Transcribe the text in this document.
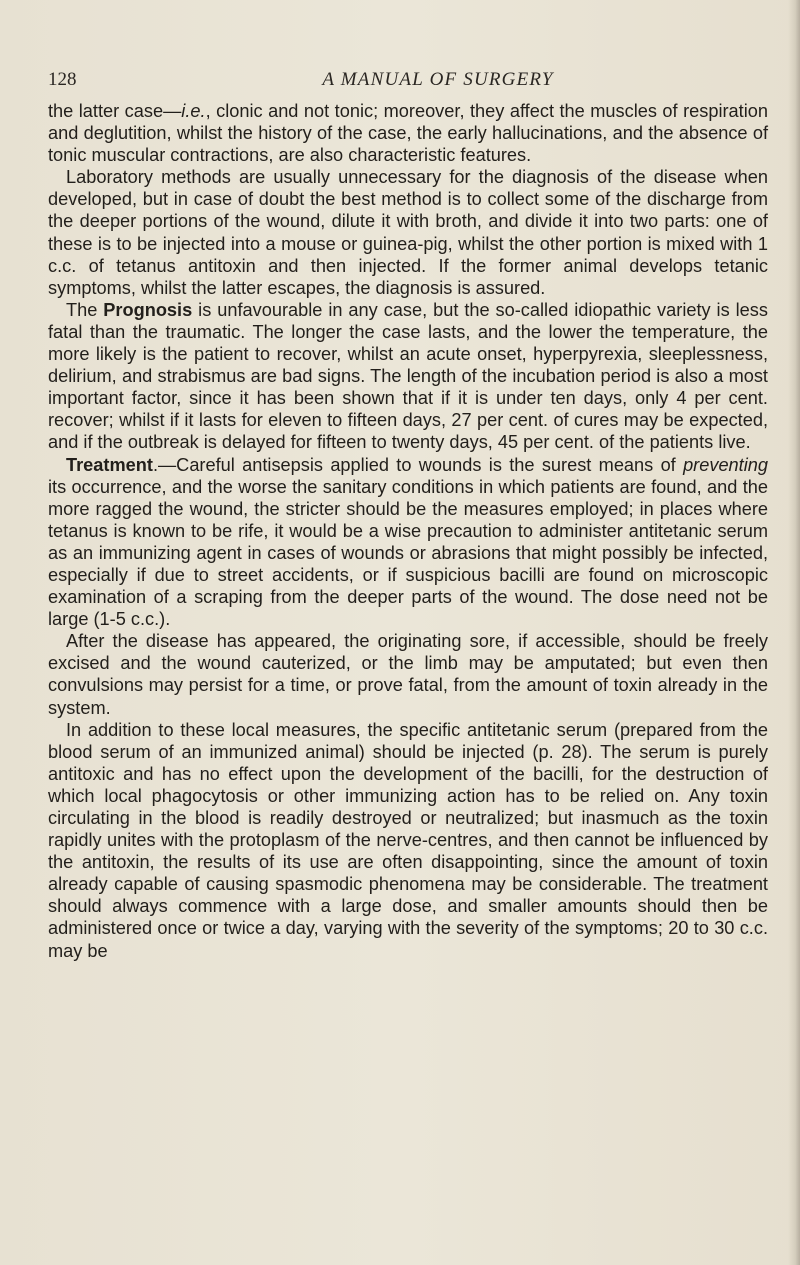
128	A MANUAL OF SURGERY

the latter case—i.e., clonic and not tonic; moreover, they affect the muscles of respiration and deglutition, whilst the history of the case, the early hallucinations, and the absence of tonic muscular contractions, are also characteristic features.

Laboratory methods are usually unnecessary for the diagnosis of the disease when developed, but in case of doubt the best method is to collect some of the discharge from the deeper portions of the wound, dilute it with broth, and divide it into two parts: one of these is to be injected into a mouse or guinea-pig, whilst the other portion is mixed with 1 c.c. of tetanus antitoxin and then injected. If the former animal develops tetanic symptoms, whilst the latter escapes, the diagnosis is assured.

The Prognosis is unfavourable in any case, but the so-called idiopathic variety is less fatal than the traumatic. The longer the case lasts, and the lower the temperature, the more likely is the patient to recover, whilst an acute onset, hyperpyrexia, sleeplessness, delirium, and strabismus are bad signs. The length of the incubation period is also a most important factor, since it has been shown that if it is under ten days, only 4 per cent. recover; whilst if it lasts for eleven to fifteen days, 27 per cent. of cures may be expected, and if the outbreak is delayed for fifteen to twenty days, 45 per cent. of the patients live.

Treatment.—Careful antisepsis applied to wounds is the surest means of preventing its occurrence, and the worse the sanitary conditions in which patients are found, and the more ragged the wound, the stricter should be the measures employed; in places where tetanus is known to be rife, it would be a wise precaution to administer antitetanic serum as an immunizing agent in cases of wounds or abrasions that might possibly be infected, especially if due to street accidents, or if suspicious bacilli are found on microscopic examination of a scraping from the deeper parts of the wound. The dose need not be large (1-5 c.c.).

After the disease has appeared, the originating sore, if accessible, should be freely excised and the wound cauterized, or the limb may be amputated; but even then convulsions may persist for a time, or prove fatal, from the amount of toxin already in the system.

In addition to these local measures, the specific antitetanic serum (prepared from the blood serum of an immunized animal) should be injected (p. 28). The serum is purely antitoxic and has no effect upon the development of the bacilli, for the destruction of which local phagocytosis or other immunizing action has to be relied on. Any toxin circulating in the blood is readily destroyed or neutralized; but inasmuch as the toxin rapidly unites with the protoplasm of the nerve-centres, and then cannot be influenced by the antitoxin, the results of its use are often disappointing, since the amount of toxin already capable of causing spasmodic phenomena may be considerable. The treatment should always commence with a large dose, and smaller amounts should then be administered once or twice a day, varying with the severity of the symptoms; 20 to 30 c.c. may be
